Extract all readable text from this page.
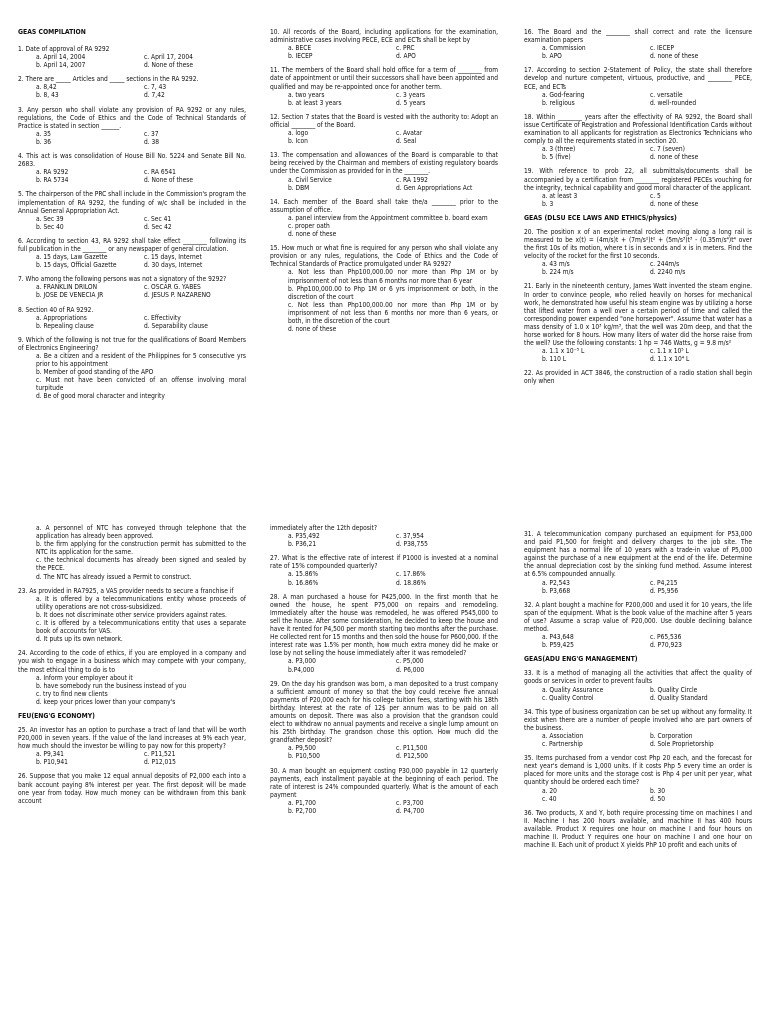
GEAS COMPILATION
1. Date of approval of RA 9292
a. April 14, 2004	c. April 17, 2004
b. April 14, 2007	d. None of these
2. There are _____ Articles and _____ sections in the RA 9292.
a. 8,42	c. 7, 43
b. 8, 43	d. 7,42
3. Any person who shall violate any provision of RA 9292 or any rules, regulations, the Code of Ethics and the Code of Technical Standards of Practice is stated in section ______.
a. 35	c. 37
b. 36	d. 38
4. This act is was consolidation of House Bill No. 5224 and Senate Bill No. 2683.
a. RA 9292	c. RA 6541
b. RA 5734	d. None of these
5. The chairperson of the PRC shall include in the Commission's program the implementation of RA 9292, the funding of w/c shall be included in the Annual General Appropriation Act.
a. Sec 39	c. Sec 41
b. Sec 40	d. Sec 42
6. According to section 43, RA 9292 shall take effect ________ following its full publication in the ________ or any newspaper of general circulation.
a. 15 days, Law Gazette	c. 15 days, Internet
b. 15 days, Official Gazette	d. 30 days, Internet
7. Who among the following persons was not a signatory of the 9292?
a. FRANKLIN DRILON	c. OSCAR G. YABES
b. JOSE DE VENECIA JR	d. JESUS P. NAZARENO
8. Section 40 of RA 9292.
a. Appropriations	c. Effectivity
b. Repealing clause	d. Separability clause
9. Which of the following is not true for the qualifications of Board Members of Electronics Engineering?
a. Be a citizen and a resident of the Philippines for 5 consecutive yrs prior to his appointment
b. Member of good standing of the APO
c. Must not have been convicted of an offense involving moral turpitude
d. Be of good moral character and integrity
10. All records of the Board, including applications for the examination, administrative cases involving PECE, ECE and ECTs shall be kept by
a. BECE	c. PRC
b. IECEP	d. APO
11. The members of the Board shall hold office for a term of ________ from date of appointment or until their successors shall have been appointed and qualified and may be re-appointed once for another term.
a. two years	c. 3 years
b. at least 3 years	d. 5 years
12. Section 7 states that the Board is vested with the authority to: Adopt an official ________ of the Board.
a. logo	c. Avatar
b. Icon	d. Seal
13. The compensation and allowances of the Board is comparable to that being received by the Chairman and members of existing regulatory boards under the Commission as provided for in the ________.
a. Civil Service	c. RA 1992
b. DBM	d. Gen Appropriations Act
14. Each member of the Board shall take the/a ________ prior to the assumption of office.
a. panel interview from the Appointment committee b. board exam
c. proper oath
d. none of these
15. How much or what fine is required for any person who shall violate any provision or any rules, regulations, the Code of Ethics and the Code of Technical Standards of Practice promulgated under RA 9292?
a. Not less than Php100,000.00 nor more than Php 1M or by imprisonment of not less than 6 months nor more than 6 year
b. Php100,000.00 to Php 1M or 6 yrs imprisonment or both, in the discretion of the court
c. Not less than Php100,000.00 nor more than Php 1M or by imprisonment of not less than 6 months nor more than 6 years, or both, in the discretion of the court
d. none of these
16. The Board and the ________ shall correct and rate the licensure examination papers
a. Commission	c. IECEP
b. APO	d. none of these
17. According to section 2-Statement of Policy, the state shall therefore develop and nurture competent, virtuous, productive, and ________ PECE, ECE, and ECTs
a. God-fearing	c. versatile
b. religious	d. well-rounded
18. Within ________ years after the effectivity of RA 9292, the Board shall issue Certificate of Registration and Professional Identification Cards without examination to all applicants for registration as Electronics Technicians who comply to all the requirements stated in section 20.
a. 3 (three)	c. 7 (seven)
b. 5 (five)	d. none of these
19. With reference to prob 22, all submittals/documents shall be accompanied by a certification from ________ registered PECEs vouching for the integrity, technical capability and good moral character of the applicant.
a. at least 3	c. 5
b. 3	d. none of these
GEAS (DLSU ECE LAWS AND ETHICS/physics)
20. The position x of an experimental rocket moving along a long rail is measured to be x(t) = (4m/s)t + (7m/s²)t² + (5m/s³)t³ - (0.35m/s⁴)t⁴ over the first 10s of its motion, where t is in seconds and x is in meters. Find the velocity of the rocket for the first 10 seconds.
a. 43 m/s	c. 244m/s
b. 224 m/s	d. 2240 m/s
21. Early in the nineteenth century, James Watt invented the steam engine. In order to convince people, who relied heavily on horses for mechanical work, he demonstrated how useful his steam engine was by utilizing a horse that lifted water from a well over a certain period of time and called the corresponding power expended "one horsepower". Assume that water has a mass density of 1.0 x 10³ kg/m³, that the well was 20m deep, and that the horse worked for 8 hours. How many liters of water did the horse raise from the well? Use the following constants: 1 hp = 746 Watts, g = 9.8 m/s²
a. 1.1 x 10⁻⁵ L	c. 1.1 x 10⁵ L
b. 110 L	d. 1.1 x 10⁴ L
22. As provided in ACT 3846, the construction of a radio station shall begin only when
a. A personnel of NTC has conveyed through telephone that the application has already been approved.
b. the firm applying for the construction permit has submitted to the NTC its application for the same.
c. the technical documents has already been signed and sealed by the PECE.
d. The NTC has already issued a Permit to construct.
23. As provided in RA7925, a VAS provider needs to secure a franchise if
a. It is offered by a telecommunications entity whose proceeds of utility operations are not cross-subsidized.
b. It does not discriminate other service providers against rates.
c. It is offered by a telecommunications entity that uses a separate book of accounts for VAS.
d. It puts up its own network.
24. According to the code of ethics, if you are employed in a company and you wish to engage in a business which may compete with your company, the most ethical thing to do is to
a. Inform your employer about it
b. have somebody run the business instead of you
c. try to find new clients
d. keep your prices lower than your company's
FEU(ENG'G ECONOMY)
25. An investor has an option to purchase a tract of land that will be worth P20,000 in seven years. If the value of the land increases at 9% each year, how much should the investor be willing to pay now for this property?
a. P9,341	c. P11,521
b. P10,941	d. P12,015
26. Suppose that you make 12 equal annual deposits of P2,000 each into a bank account paying 8% interest per year. The first deposit will be made one year from today. How much money can be withdrawn from this bank account
immediately after the 12th deposit?
a. P35,492	c. 37,954
b. P36,21	d. P38,755
27. What is the effective rate of interest if P1000 is invested at a nominal rate of 15% compounded quarterly?
a. 15.86%	c. 17.86%
b. 16.86%	d. 18.86%
28. A man purchased a house for P425,000. In the first month that he owned the house, he spent P75,000 on repairs and remodeling. Immediately after the house was remodeled, he was offered P545,000 to sell the house. After some consideration, he decided to keep the house and have it rented for P4,500 per month starting two months after the purchase. He collected rent for 15 months and then sold the house for P600,000. If the interest rate was 1.5% per month, how much extra money did he make or lose by not selling the house immediately after it was remodeled?
a. P3,000	c. P5,000
b.P4,000	d. P6,000
29. On the day his grandson was born, a man deposited to a trust company a sufficient amount of money so that the boy could receive five annual payments of P20,000 each for his college tuition fees, starting with his 18th birthday. Interest at the rate of 12$ per annum was to be paid on all amounts on deposit. There was also a provision that the grandson could elect to withdraw no annual payments and receive a single lump amount on his 25th birthday. The grandson chose this option. How much did the grandfather deposit?
a. P9,500	c. P11,500
b. P10,500	d. P12,500
30. A man bought an equipment costing P30,000 payable in 12 quarterly payments, each installment payable at the beginning of each period. The rate of interest is 24% compounded quarterly. What is the amount of each payment
a. P1,700	c. P3,700
b. P2,700	d. P4,700
31. A telecommunication company purchased an equipment for P53,000 and paid P1,500 for freight and delivery charges to the job site. The equipment has a normal life of 10 years with a trade-in value of P5,000 against the purchase of a new equipment at the end of the life. Determine the annual depreciation cost by the sinking fund method. Assume interest at 6.5% compounded annually.
a. P2,543	c. P4,215
b. P3,668	d. P5,956
32. A plant bought a machine for P200,000 and used it for 10 years, the life span of the equipment. What is the book value of the machine after 5 years of use? Assume a scrap value of P20,000. Use double declining balance method.
a. P43,648	c. P65,536
b. P59,425	d. P70,923
GEAS(ADU ENG'G MANAGEMENT)
33. It is a method of managing all the activities that affect the quality of goods or services in order to prevent faults
a. Quality Assurance	b. Quality Circle
c. Quality Control	d. Quality Standard
34. This type of business organization can be set up without any formality. It exist when there are a number of people involved who are part owners of the business.
a. Association	b. Corporation
c. Partnership	d. Sole Proprietorship
35. Items purchased from a vendor cost Php 20 each, and the forecast for next year's demand is 1,000 units. If it costs Php 5 every time an order is placed for more units and the storage cost is Php 4 per unit per year, what quantity should be ordered each time?
a. 20	b. 30
c. 40	d. 50
36. Two products, X and Y, both require processing time on machines I and II. Machine I has 200 hours available, and machine II has 400 hours available. Product X requires one hour on machine I and four hours on machine II. Product Y requires one hour on machine I and one hour on machine II. Each unit of product X yields PhP 10 profit and each units of
